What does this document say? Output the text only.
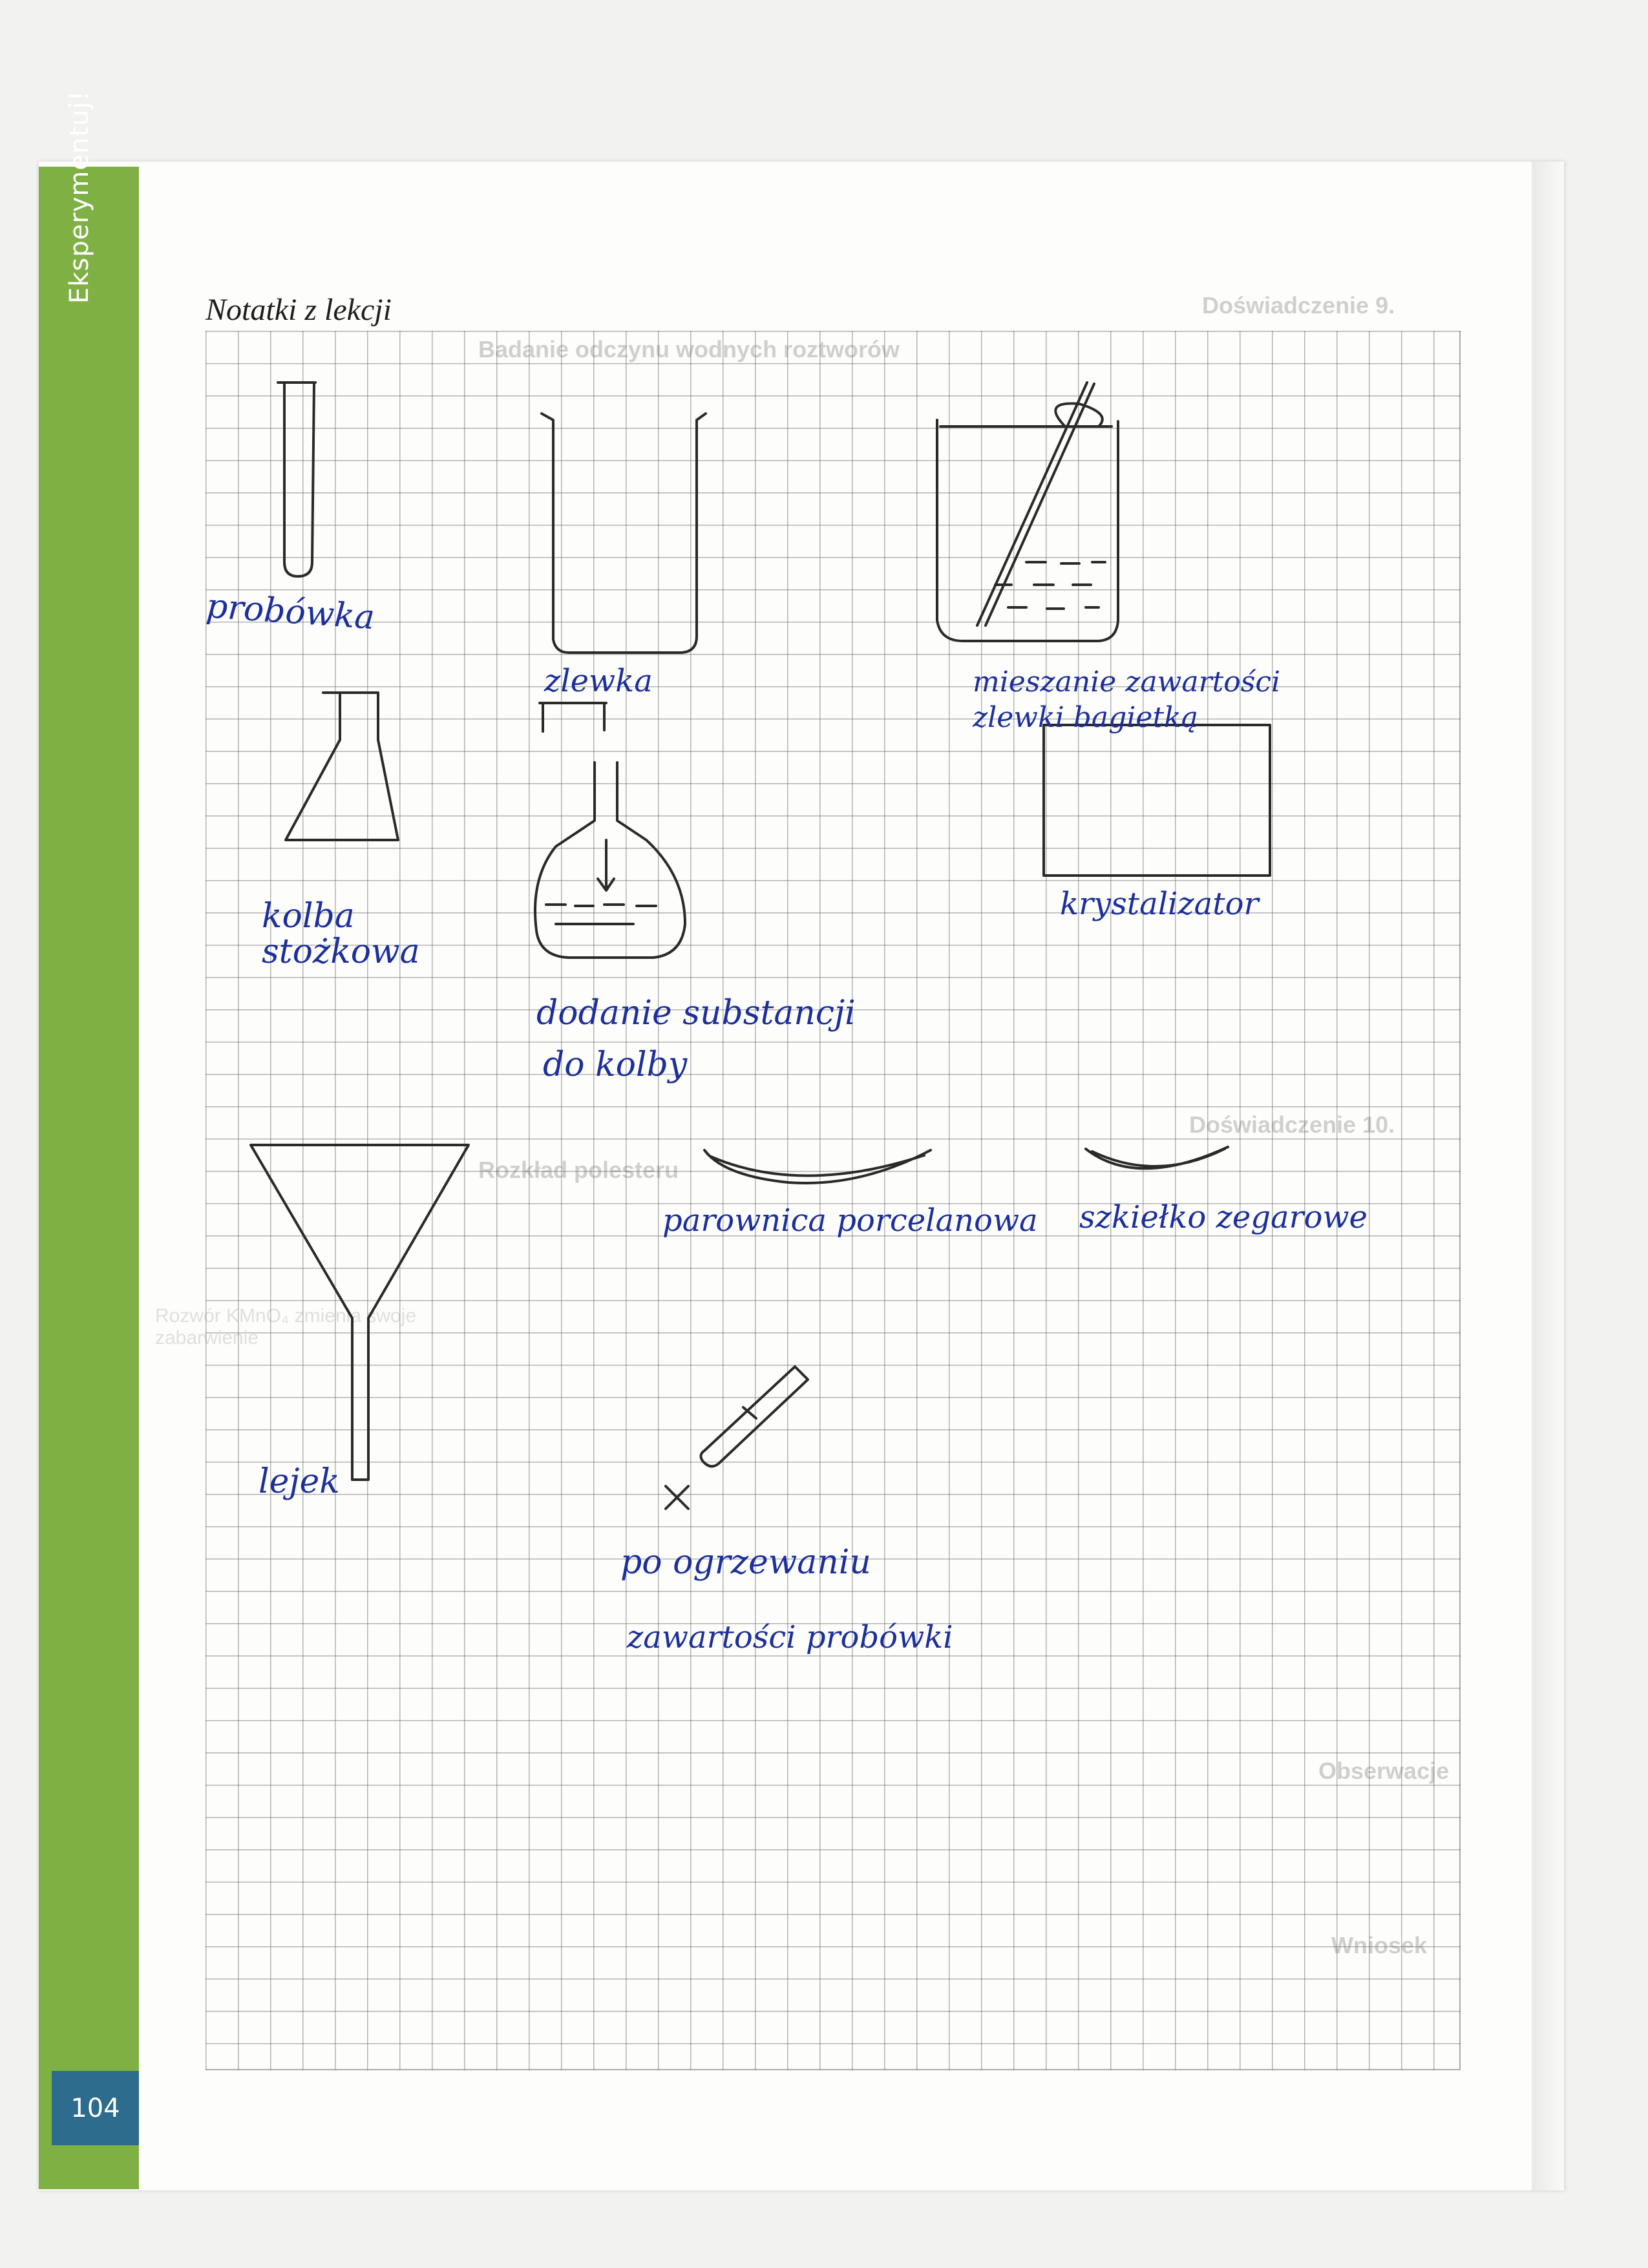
Eksperymentuj!
104
Notatki z lekcji	Doświadczenie 9.
Badanie odczynu wodnych roztworów
Doświadczenie 10.
Rozkład polesteru
Obserwacje
Wniosek
Rozwór KMnO₄ zmienia swoje zabarwienie
probówka
zlewka	mieszanie zawartości
zlewki bagietką
kolba
stożkowa
krystalizator
dodanie substancji
do kolby
parownica porcelanowa szkiełko zegarowe
lejek
po ogrzewaniu
zawartości probówki
